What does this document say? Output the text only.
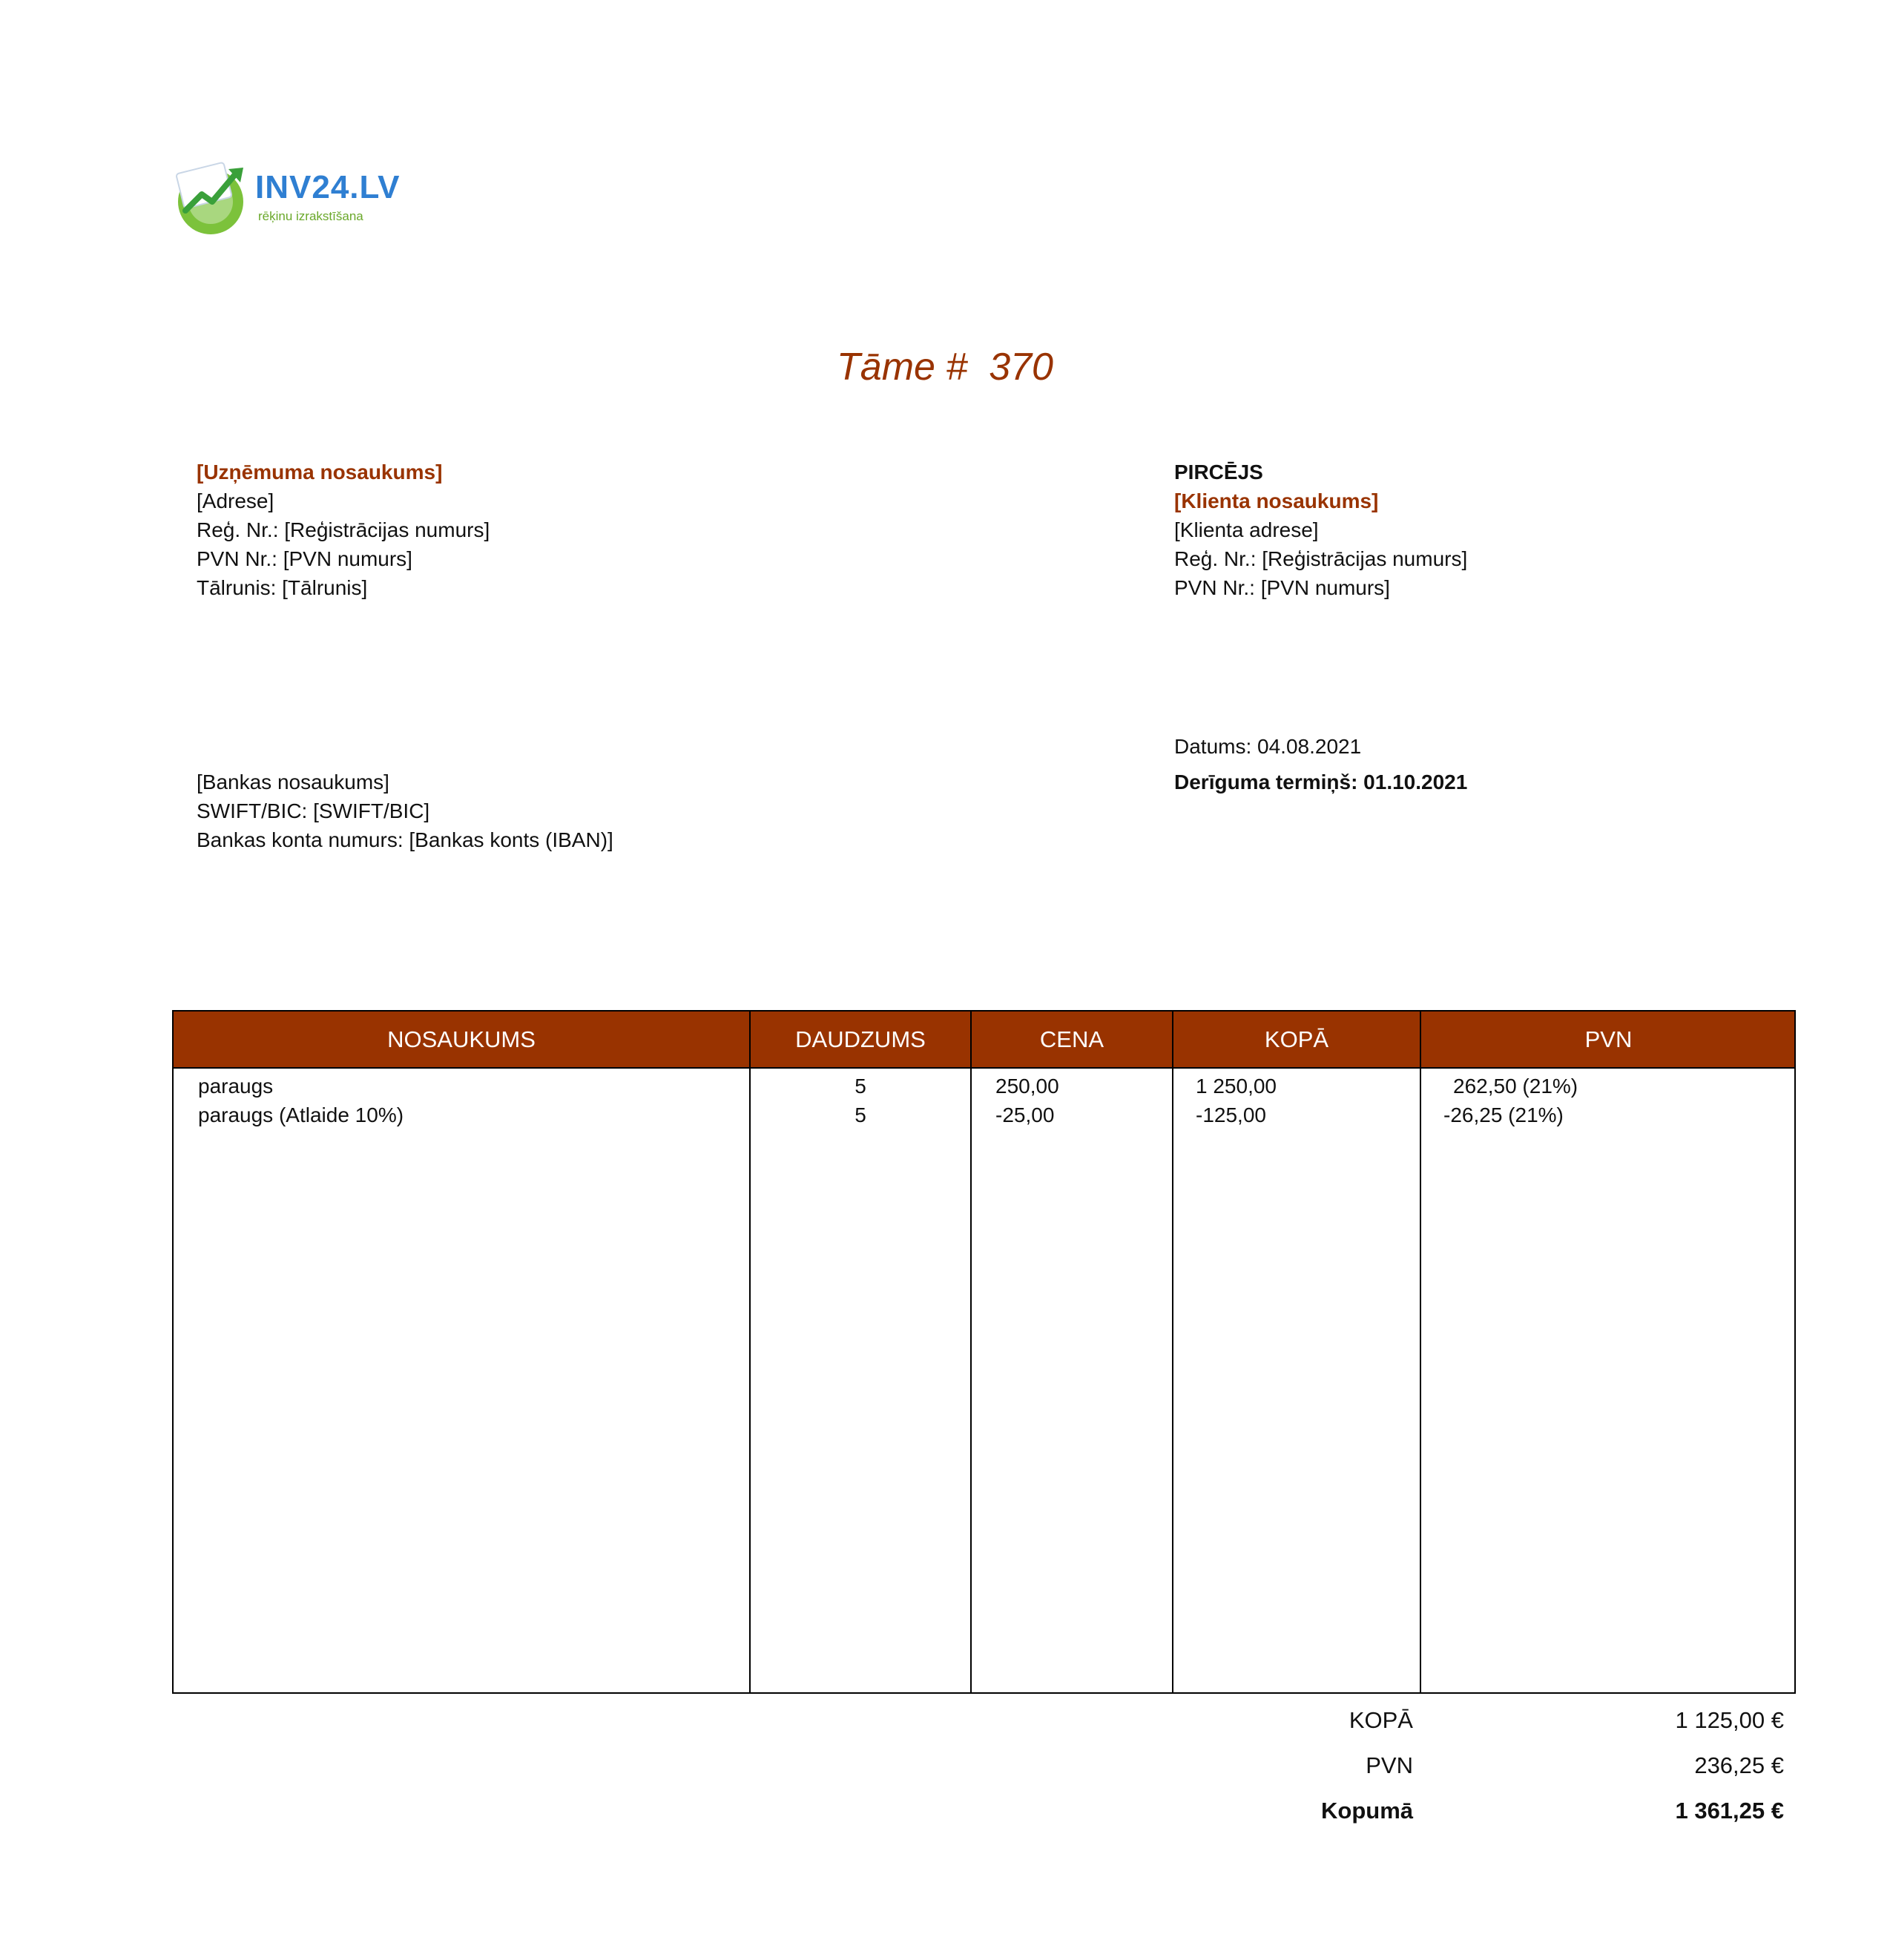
INV24.LV
rēķinu izrakstīšana
Tāme # 370
[Uzņēmuma nosaukums]
[Adrese]
Reģ. Nr.: [Reģistrācijas numurs]
PVN Nr.: [PVN numurs]
Tālrunis: [Tālrunis]
PIRCĒJS
[Klienta nosaukums]
[Klienta adrese]
Reģ. Nr.: [Reģistrācijas numurs]
PVN Nr.: [PVN numurs]
[Bankas nosaukums]
SWIFT/BIC: [SWIFT/BIC]
Bankas konta numurs: [Bankas konts (IBAN)]
Datums: 04.08.2021
Derīguma termiņš: 01.10.2021
NOSAUKUMS	DAUDZUMS	CENA	KOPĀ	PVN
paraugs	5	250,00	1 250,00	262,50 (21%)
paraugs (Atlaide 10%)	5	-25,00	-125,00	-26,25 (21%)
KOPĀ	1 125,00 €
PVN	236,25 €
Kopumā	1 361,25 €
